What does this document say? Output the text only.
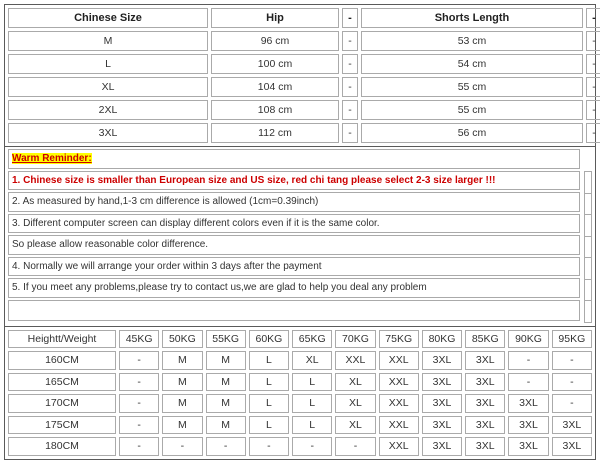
Chinese Size	Hip	-	Shorts Length	-
M	96 cm	-	53 cm	-
L	100 cm	-	54 cm	-
XL	104 cm	-	55 cm	-
2XL	108 cm	-	55 cm	-
3XL	112 cm	-	56 cm	-
Warm Reminder:
1. Chinese size is smaller than European size and US size, red chi tang please select 2-3 size larger !!!
2. As measured by hand,1-3 cm difference is allowed (1cm=0.39inch)
3. Different computer screen can display different colors even if it is the same color.
So please allow reasonable color difference.
4. Normally we will arrange your order within 3 days after the payment
5. If you meet any problems,please try to contact us,we are glad to help you deal any problem
Heightt/Weight	45KG	50KG	55KG	60KG	65KG	70KG	75KG	80KG	85KG	90KG	95KG
160CM	-	M	M	L	XL	XXL	XXL	3XL	3XL	-	-
165CM	-	M	M	L	L	XL	XXL	3XL	3XL	-	-
170CM	-	M	M	L	L	XL	XXL	3XL	3XL	3XL	-
175CM	-	M	M	L	L	XL	XXL	3XL	3XL	3XL	3XL
180CM	-	-	-	-	-	-	XXL	3XL	3XL	3XL	3XL
